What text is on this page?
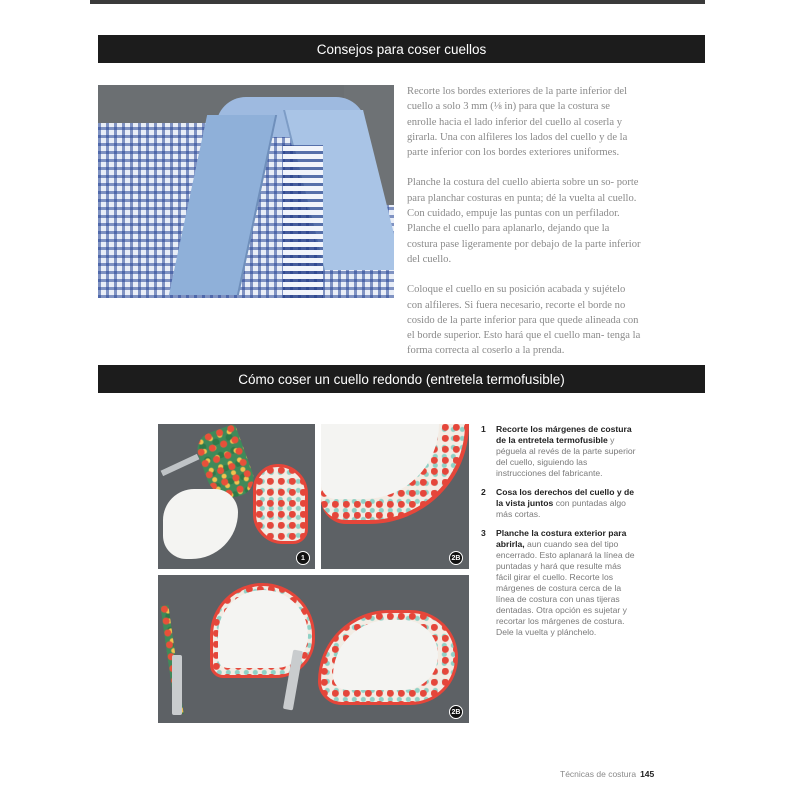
Consejos para coser cuellos

Recorte los bordes exteriores de la parte inferior del cuello a solo 3 mm (⅛ in) para que la costura se enrolle hacia el lado inferior del cuello al coserla y girarla. Una con alfileres los lados del cuello y de la parte inferior con los bordes exteriores uniformes.

Planche la costura del cuello abierta sobre un so- porte para planchar costuras en punta; dé la vuelta al cuello. Con cuidado, empuje las puntas con un perfilador. Planche el cuello para aplanarlo, dejando que la costura pase ligeramente por debajo de la parte inferior del cuello.

Coloque el cuello en su posición acabada y sujételo con alfileres. Si fuera necesario, recorte el borde no cosido de la parte inferior para que quede alineada con el borde superior. Esto hará que el cuello man- tenga la forma correcta al coserlo a la prenda.

Cómo coser un cuello redondo (entretela termofusible)
1	2B
2B
1	Recorte los márgenes de costura de la entretela termofusible y péguela al revés de la parte superior del cuello, siguiendo las instrucciones del fabricante.
2	Cosa los derechos del cuello y de la vista juntos con puntadas algo más cortas.
3	Planche la costura exterior para abrirla, aun cuando sea del tipo encerrado. Esto aplanará la línea de puntadas y hará que resulte más fácil girar el cuello. Recorte los márgenes de costura cerca de la línea de costura con unas tijeras dentadas. Otra opción es sujetar y recortar los márgenes de costura. Dele la vuelta y plánchelo.
Técnicas de costura 145
